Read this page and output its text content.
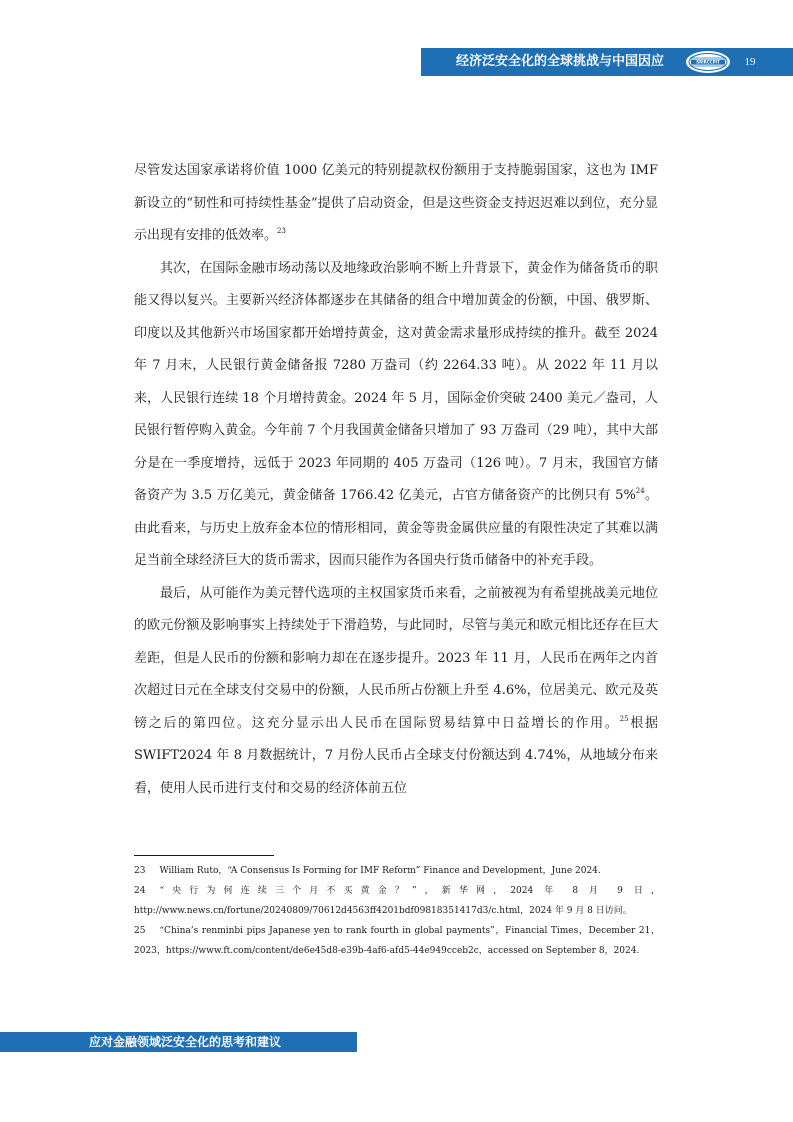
经济泛安全化的全球挑战与中国因应	SRIRCCPIT	19

尽管发达国家承诺将价值 1000 亿美元的特别提款权份额用于支持脆弱国家，这也为 IMF 新设立的“韧性和可持续性基金”提供了启动资金，但是这些资金支持迟迟难以到位，充分显示出现有安排的低效率。$^{23}$

其次，在国际金融市场动荡以及地缘政治影响不断上升背景下，黄金作为储备货币的职能又得以复兴。主要新兴经济体都逐步在其储备的组合中增加黄金的份额，中国、俄罗斯、印度以及其他新兴市场国家都开始增持黄金，这对黄金需求量形成持续的推升。截至 2024 年 7 月末，人民银行黄金储备报 7280 万盎司（约 2264.33 吨）。从 2022 年 11 月以来，人民银行连续 18 个月增持黄金。2024 年 5 月，国际金价突破 2400 美元／盎司，人民银行暂停购入黄金。今年前 7 个月我国黄金储备只增加了 93 万盎司（29 吨），其中大部分是在一季度增持，远低于 2023 年同期的 405 万盎司（126 吨）。7 月末，我国官方储备资产为 3.5 万亿美元，黄金储备 1766.42 亿美元，占官方储备资产的比例只有 5%$^{24}$。由此看来，与历史上放弃金本位的情形相同，黄金等贵金属供应量的有限性决定了其难以满足当前全球经济巨大的货币需求，因而只能作为各国央行货币储备中的补充手段。

最后，从可能作为美元替代选项的主权国家货币来看，之前被视为有希望挑战美元地位的欧元份额及影响事实上持续处于下滑趋势，与此同时，尽管与美元和欧元相比还存在巨大差距，但是人民币的份额和影响力却在在逐步提升。2023 年 11 月，人民币在两年之内首次超过日元在全球支付交易中的份额，人民币所占份额上升至 4.6%，位居美元、欧元及英镑之后的第四位。这充分显示出人民币在国际贸易结算中日益增长的作用。$^{25}$根据 SWIFT2024 年 8 月数据统计，7 月份人民币占全球支付份额达到 4.74%，从地域分布来看，使用人民币进行支付和交易的经济体前五位

23 William Ruto，“A Consensus Is Forming for IMF Reform” Finance and Development，June 2024.

24 “央行为何连续三个月不买黄金？”，新华网，2024 年 8 月 9 日，http://www.news.cn/fortune/20240809/70612d4563ff4201bdf09818351417d3/c.html，2024 年 9 月 8 日访问。

25 “China’s renminbi pips Japanese yen to rank fourth in global payments”，Financial Times，December 21，2023，https://www.ft.com/content/de6e45d8-e39b-4af6-afd5-44e949cceb2c，accessed on September 8，2024.

应对金融领域泛安全化的思考和建议
